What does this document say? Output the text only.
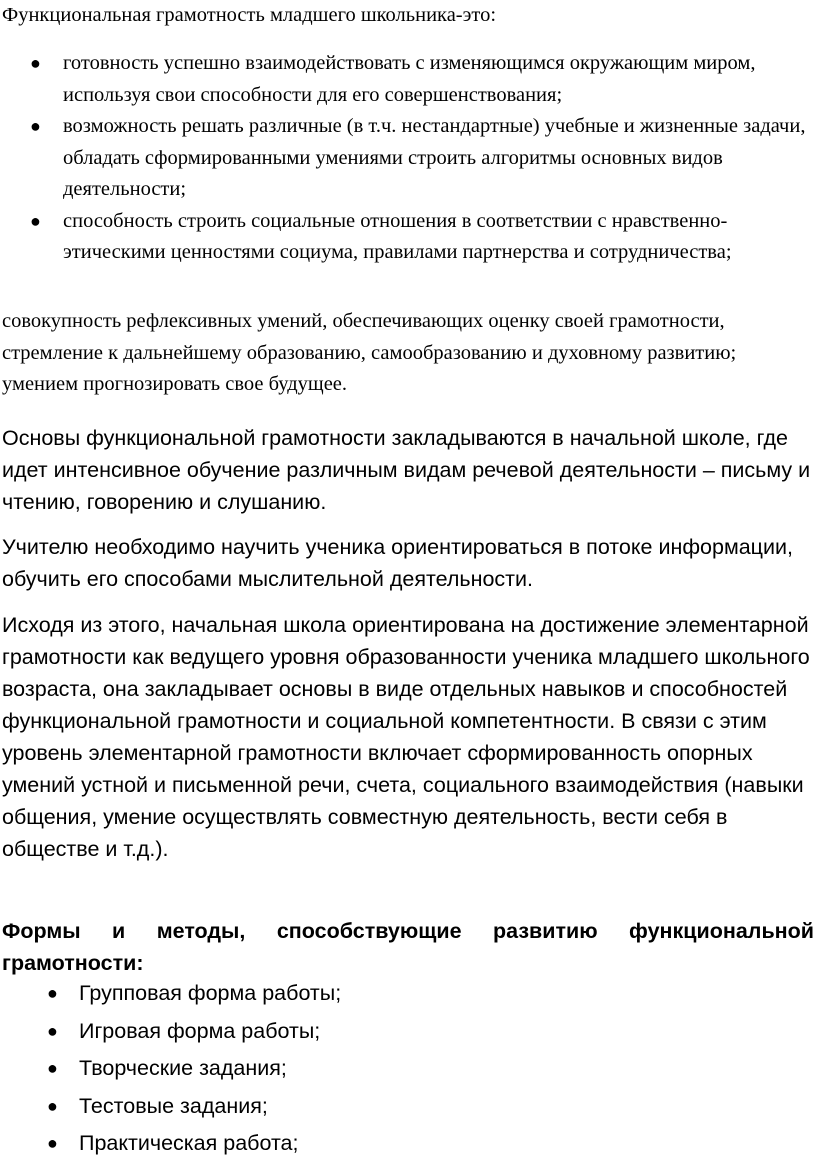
Функциональная грамотность младшего школьника-это:

● готовность успешно взаимодействовать с изменяющимся окружающим миром, используя свои способности для его совершенствования;
● возможность решать различные (в т.ч. нестандартные) учебные и жизненные задачи, обладать сформированными умениями строить алгоритмы основных видов деятельности;
● способность строить социальные отношения в соответствии с нравственно-этическими ценностями социума, правилами партнерства и сотрудничества;

совокупность рефлексивных умений, обеспечивающих оценку своей грамотности, стремление к дальнейшему образованию, самообразованию и духовному развитию; умением прогнозировать свое будущее.

Основы функциональной грамотности закладываются в начальной школе, где идет интенсивное обучение различным видам речевой деятельности – письму и чтению, говорению и слушанию.

Учителю необходимо научить ученика ориентироваться в потоке информации, обучить его способами мыслительной деятельности.

Исходя из этого, начальная школа ориентирована на достижение элементарной грамотности как ведущего уровня образованности ученика младшего школьного возраста, она закладывает основы в виде отдельных навыков и способностей функциональной грамотности и социальной компетентности. В связи с этим уровень элементарной грамотности включает сформированность опорных умений устной и письменной речи, счета, социального взаимодействия (навыки общения, умение осуществлять совместную деятельность, вести себя в обществе и т.д.).

Формы и методы, способствующие развитию функциональной грамотности:

● Групповая форма работы;
● Игровая форма работы;
● Творческие задания;
● Тестовые задания;
● Практическая работа;
